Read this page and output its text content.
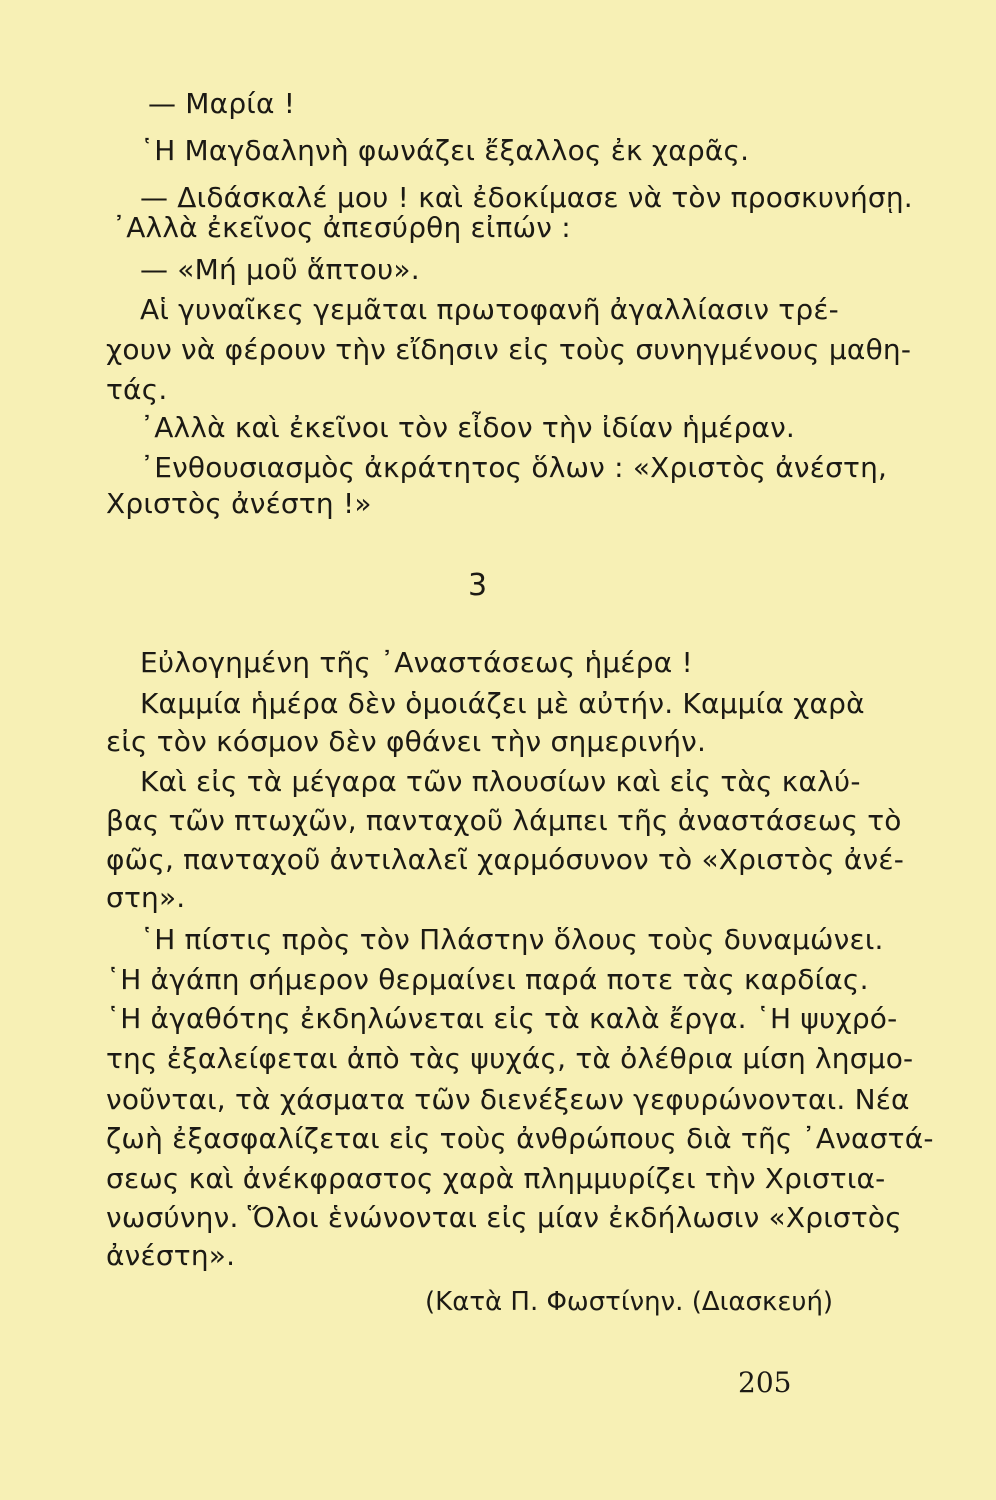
— Μαρία !
῾Η Μαγδαληνὴ φωνάζει ἔξαλλος ἐκ χαρᾶς.
— Διδάσκαλέ μου ! καὶ ἐδοκίμασε νὰ τὸν προσκυνήσῃ.
᾿Αλλὰ ἐκεῖνος ἀπεσύρθη εἰπών :
— «Μή μοῦ ἅπτου».
Αἱ γυναῖκες γεμᾶται πρωτοφανῆ ἀγαλλίασιν τρέ-
χουν νὰ φέρουν τὴν εἴδησιν εἰς τοὺς συνηγμένους μαθη-
τάς.
᾿Αλλὰ καὶ ἐκεῖνοι τὸν εἶδον τὴν ἰδίαν ἡμέραν.
᾿Ενθουσιασμὸς ἀκράτητος ὅλων : «Χριστὸς ἀνέστη,
Χριστὸς ἀνέστη !»
3
Εὐλογημένη τῆς ᾿Αναστάσεως ἡμέρα !
Καμμία ἡμέρα δὲν ὁμοιάζει μὲ αὐτήν. Καμμία χαρὰ
εἰς τὸν κόσμον δὲν φθάνει τὴν σημερινήν.
Καὶ εἰς τὰ μέγαρα τῶν πλουσίων καὶ εἰς τὰς καλύ-
βας τῶν πτωχῶν, πανταχοῦ λάμπει τῆς ἀναστάσεως τὸ
φῶς, πανταχοῦ ἀντιλαλεῖ χαρμόσυνον τὸ «Χριστὸς ἀνέ-
στη».
῾Η πίστις πρὸς τὸν Πλάστην ὅλους τοὺς δυναμώνει.
῾Η ἀγάπη σήμερον θερμαίνει παρά ποτε τὰς καρδίας.
῾Η ἀγαθότης ἐκδηλώνεται εἰς τὰ καλὰ ἔργα. ῾Η ψυχρό-
της ἐξαλείφεται ἀπὸ τὰς ψυχάς, τὰ ὀλέθρια μίση λησμο-
νοῦνται, τὰ χάσματα τῶν διενέξεων γεφυρώνονται. Νέα
ζωὴ ἐξασφαλίζεται εἰς τοὺς ἀνθρώπους διὰ τῆς ᾿Αναστά-
σεως καὶ ἀνέκφραστος χαρὰ πλημμυρίζει τὴν Χριστια-
νωσύνην. Ὅλοι ἑνώνονται εἰς μίαν ἐκδήλωσιν «Χριστὸς
ἀνέστη».
(Κατὰ Π. Φωστίνην. (Διασκευή)
205
